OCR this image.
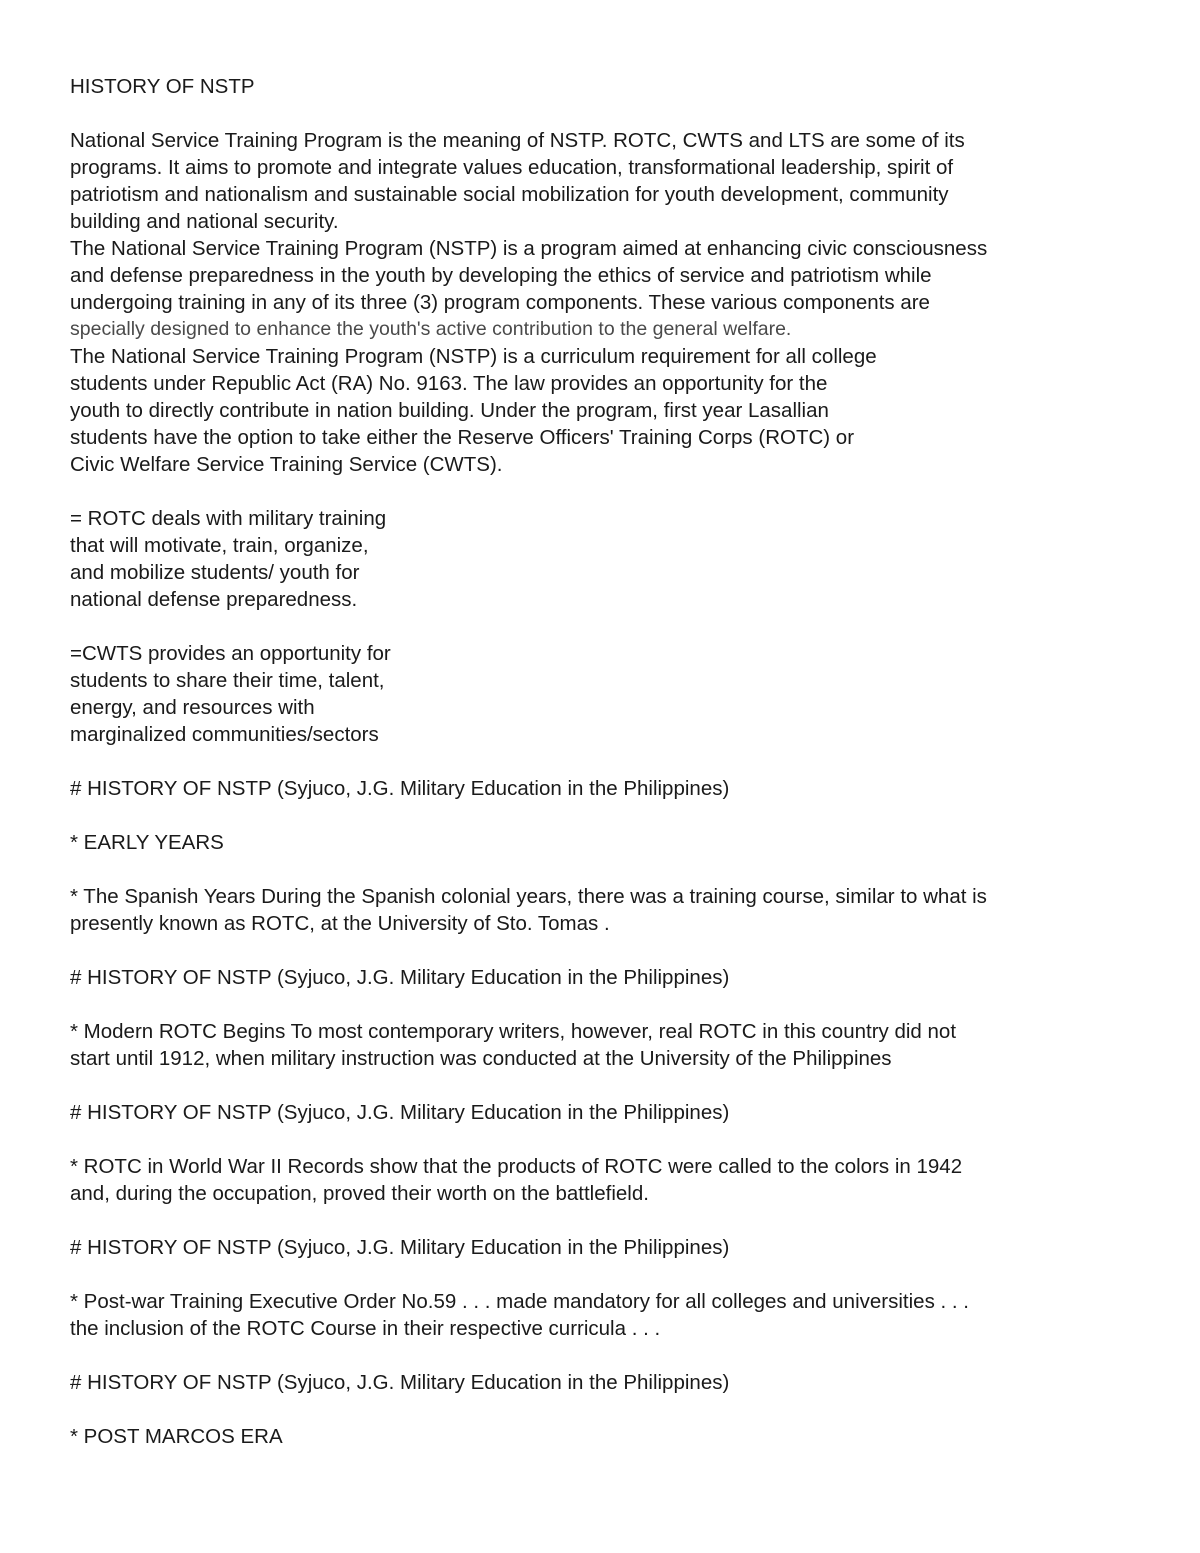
HISTORY OF NSTP
National Service Training Program is the meaning of NSTP. ROTC, CWTS and LTS are some of its
programs. It aims to promote and integrate values education, transformational leadership, spirit of
patriotism and nationalism and sustainable social mobilization for youth development, community
building and national security.
The National Service Training Program (NSTP) is a program aimed at enhancing civic consciousness
and defense preparedness in the youth by developing the ethics of service and patriotism while
undergoing training in any of its three (3) program components. These various components are
specially designed to enhance the youth's active contribution to the general welfare.
The National Service Training Program (NSTP) is a curriculum requirement for all college
students under Republic Act (RA) No. 9163. The law provides an opportunity for the
youth to directly contribute in nation building. Under the program, first year Lasallian
students have the option to take either the Reserve Officers' Training Corps (ROTC) or
Civic Welfare Service Training Service (CWTS).
= ROTC deals with military training
that will motivate, train, organize,
and mobilize students/ youth for
national defense preparedness.
=CWTS provides an opportunity for
students to share their time, talent,
energy, and resources with
marginalized communities/sectors
# HISTORY OF NSTP (Syjuco, J.G. Military Education in the Philippines)
* EARLY YEARS
* The Spanish Years During the Spanish colonial years, there was a training course, similar to what is
presently known as ROTC, at the University of Sto. Tomas .
# HISTORY OF NSTP (Syjuco, J.G. Military Education in the Philippines)
* Modern ROTC Begins To most contemporary writers, however, real ROTC in this country did not
start until 1912, when military instruction was conducted at the University of the Philippines
# HISTORY OF NSTP (Syjuco, J.G. Military Education in the Philippines)
* ROTC in World War II Records show that the products of ROTC were called to the colors in 1942
and, during the occupation, proved their worth on the battlefield.
# HISTORY OF NSTP (Syjuco, J.G. Military Education in the Philippines)
* Post-war Training Executive Order No.59 . . . made mandatory for all colleges and universities . . .
the inclusion of the ROTC Course in their respective curricula . . .
# HISTORY OF NSTP (Syjuco, J.G. Military Education in the Philippines)
* POST MARCOS ERA
